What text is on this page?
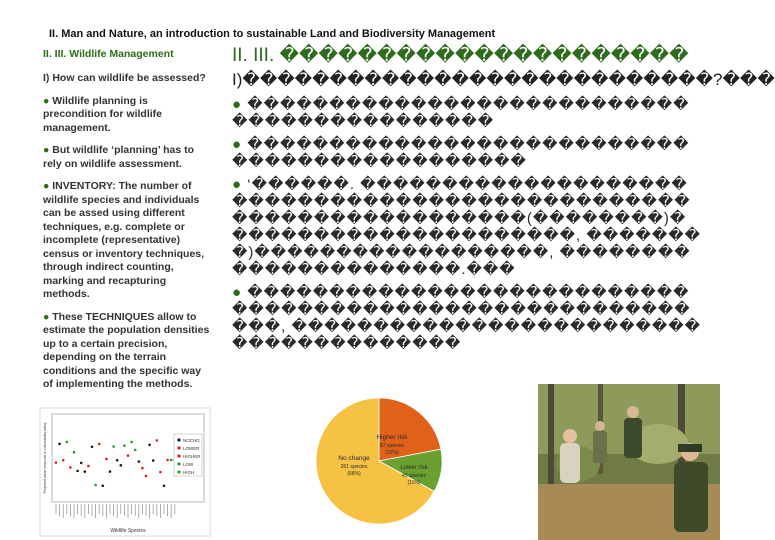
II. Man and Nature, an introduction to sustainable Land and Biodiversity Management
II. III. Wildlife Management

I) How can wildlife be assessed?

● Wildlife planning is precondition for wildlife management.

● But wildlife ‘planning’ has to rely on wildlife assessment.

● INVENTORY: The number of wildlife species and individuals can be assed using different techniques, e.g. complete or incomplete (representative) census or inventory techniques, through indirect counting, marking and recapturing methods.

● These TECHNIQUES allow to estimate the population densities up to a certain precision, depending on the terrain conditions and the specific way of implementing the methods.

II. III. ���������������������
I)���������������������������?���

● �������������������������������������������

● ���������������������������������������������

● ‘������. ������������������������������������������������������������������(��������)����������������������, ��������)������������������, ����������������������.���

● ����������������������������������������������������������, ���������������������������������������

NOCHG
LOWER
HIGHER
LOW
HIGH
Wildlife Species
Projected mean response to vulnerability rating	Higher risk
87 species
(22%)
Lower risk
45 species
(11%)
No change
261 species
(66%)
